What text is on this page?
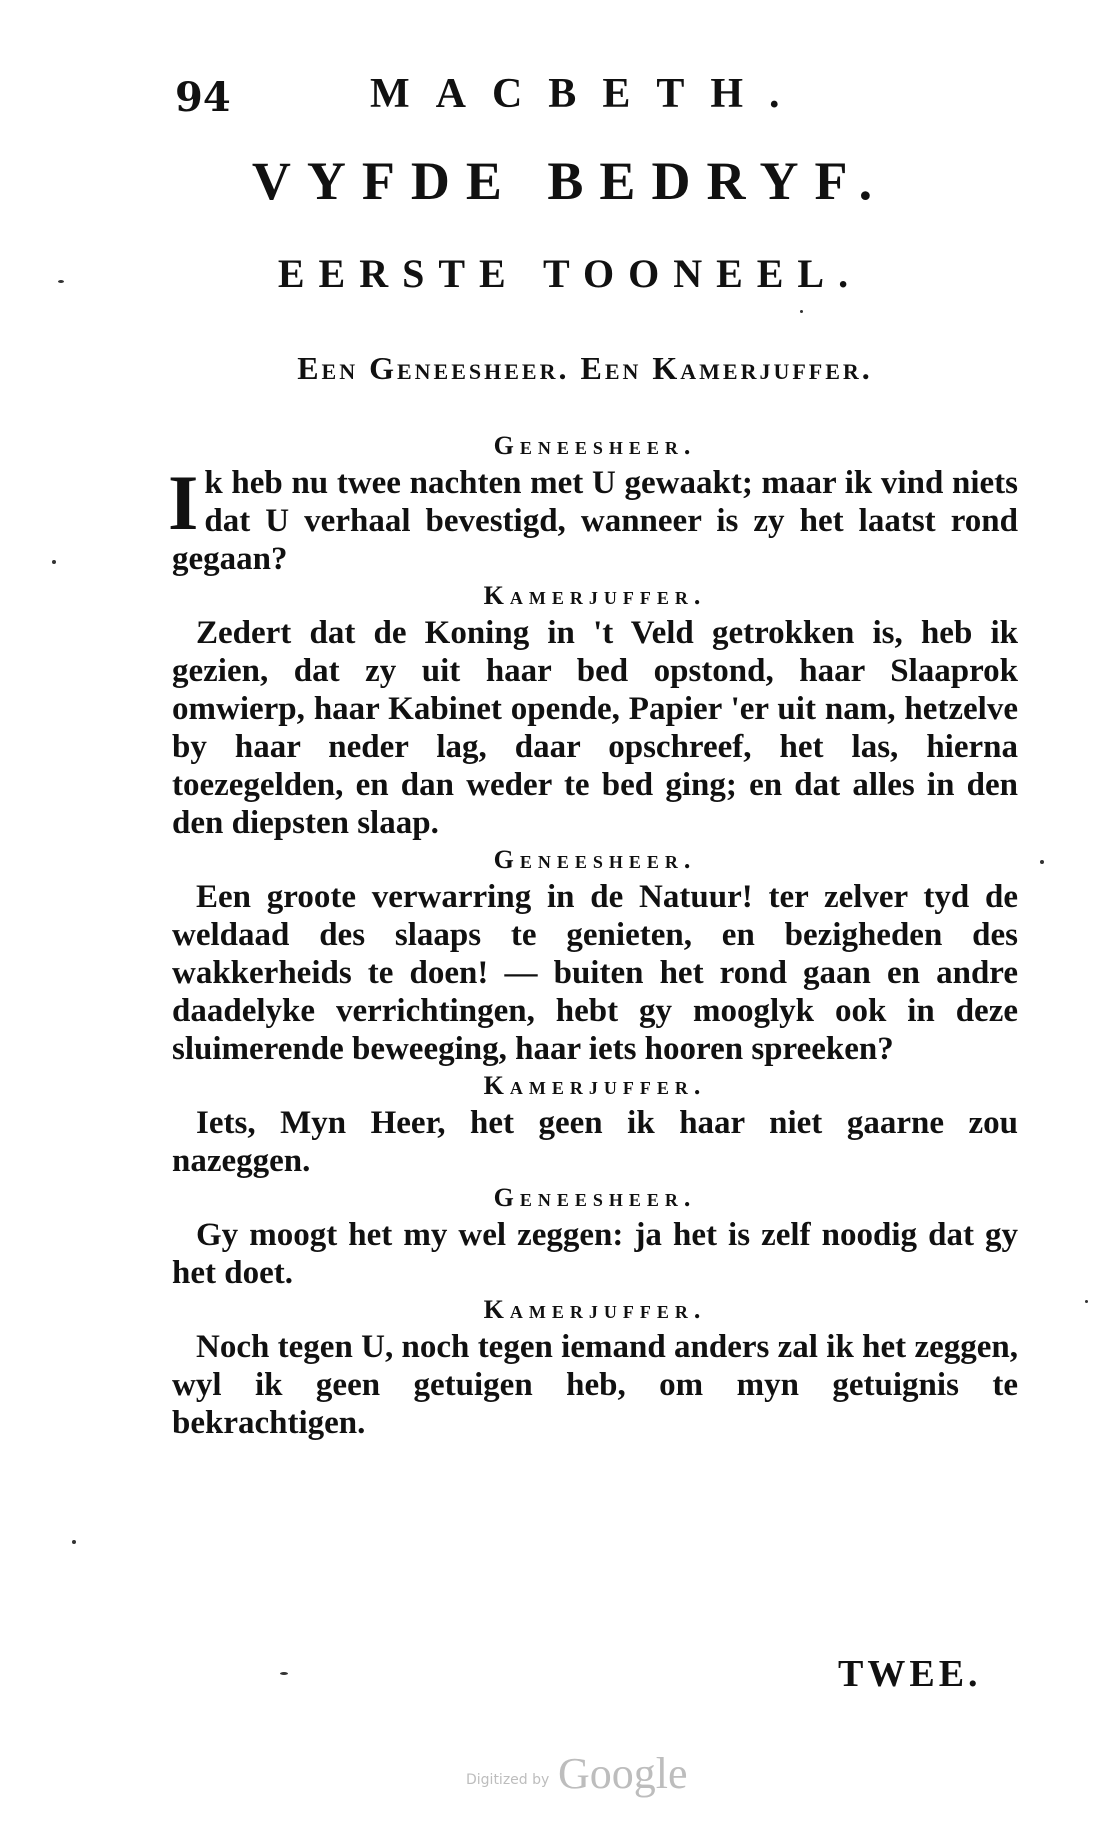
94	MACBETH.
VYFDE BEDRYF.
EERSTE TOONEEL.
Een Geneesheer. Een Kamerjuffer.
Geneesheer.

Ik heb nu twee nachten met U gewaakt; maar ik vind niets dat U verhaal bevestigd, wanneer is zy het laatst rond gegaan?

Kamerjuffer.

Zedert dat de Koning in 't Veld getrokken is, heb ik gezien, dat zy uit haar bed opstond, haar Slaaprok omwierp, haar Kabinet opende, Papier 'er uit nam, hetzelve by haar neder lag, daar opschreef, het las, hierna toezegelden, en dan weder te bed ging; en dat alles in den den diepsten slaap.

Geneesheer.

Een groote verwarring in de Natuur! ter zelver tyd de weldaad des slaaps te genieten, en bezigheden des wakkerheids te doen! — buiten het rond gaan en andre daadelyke verrichtingen, hebt gy mooglyk ook in deze sluimerende beweeging, haar iets hooren spreeken?

Kamerjuffer.

Iets, Myn Heer, het geen ik haar niet gaarne zou nazeggen.

Geneesheer.

Gy moogt het my wel zeggen: ja het is zelf noodig dat gy het doet.

Kamerjuffer.

Noch tegen U, noch tegen iemand anders zal ik het zeggen, wyl ik geen getuigen heb, om myn getuignis te bekrachtigen.

TWEE.
Digitized by Google
